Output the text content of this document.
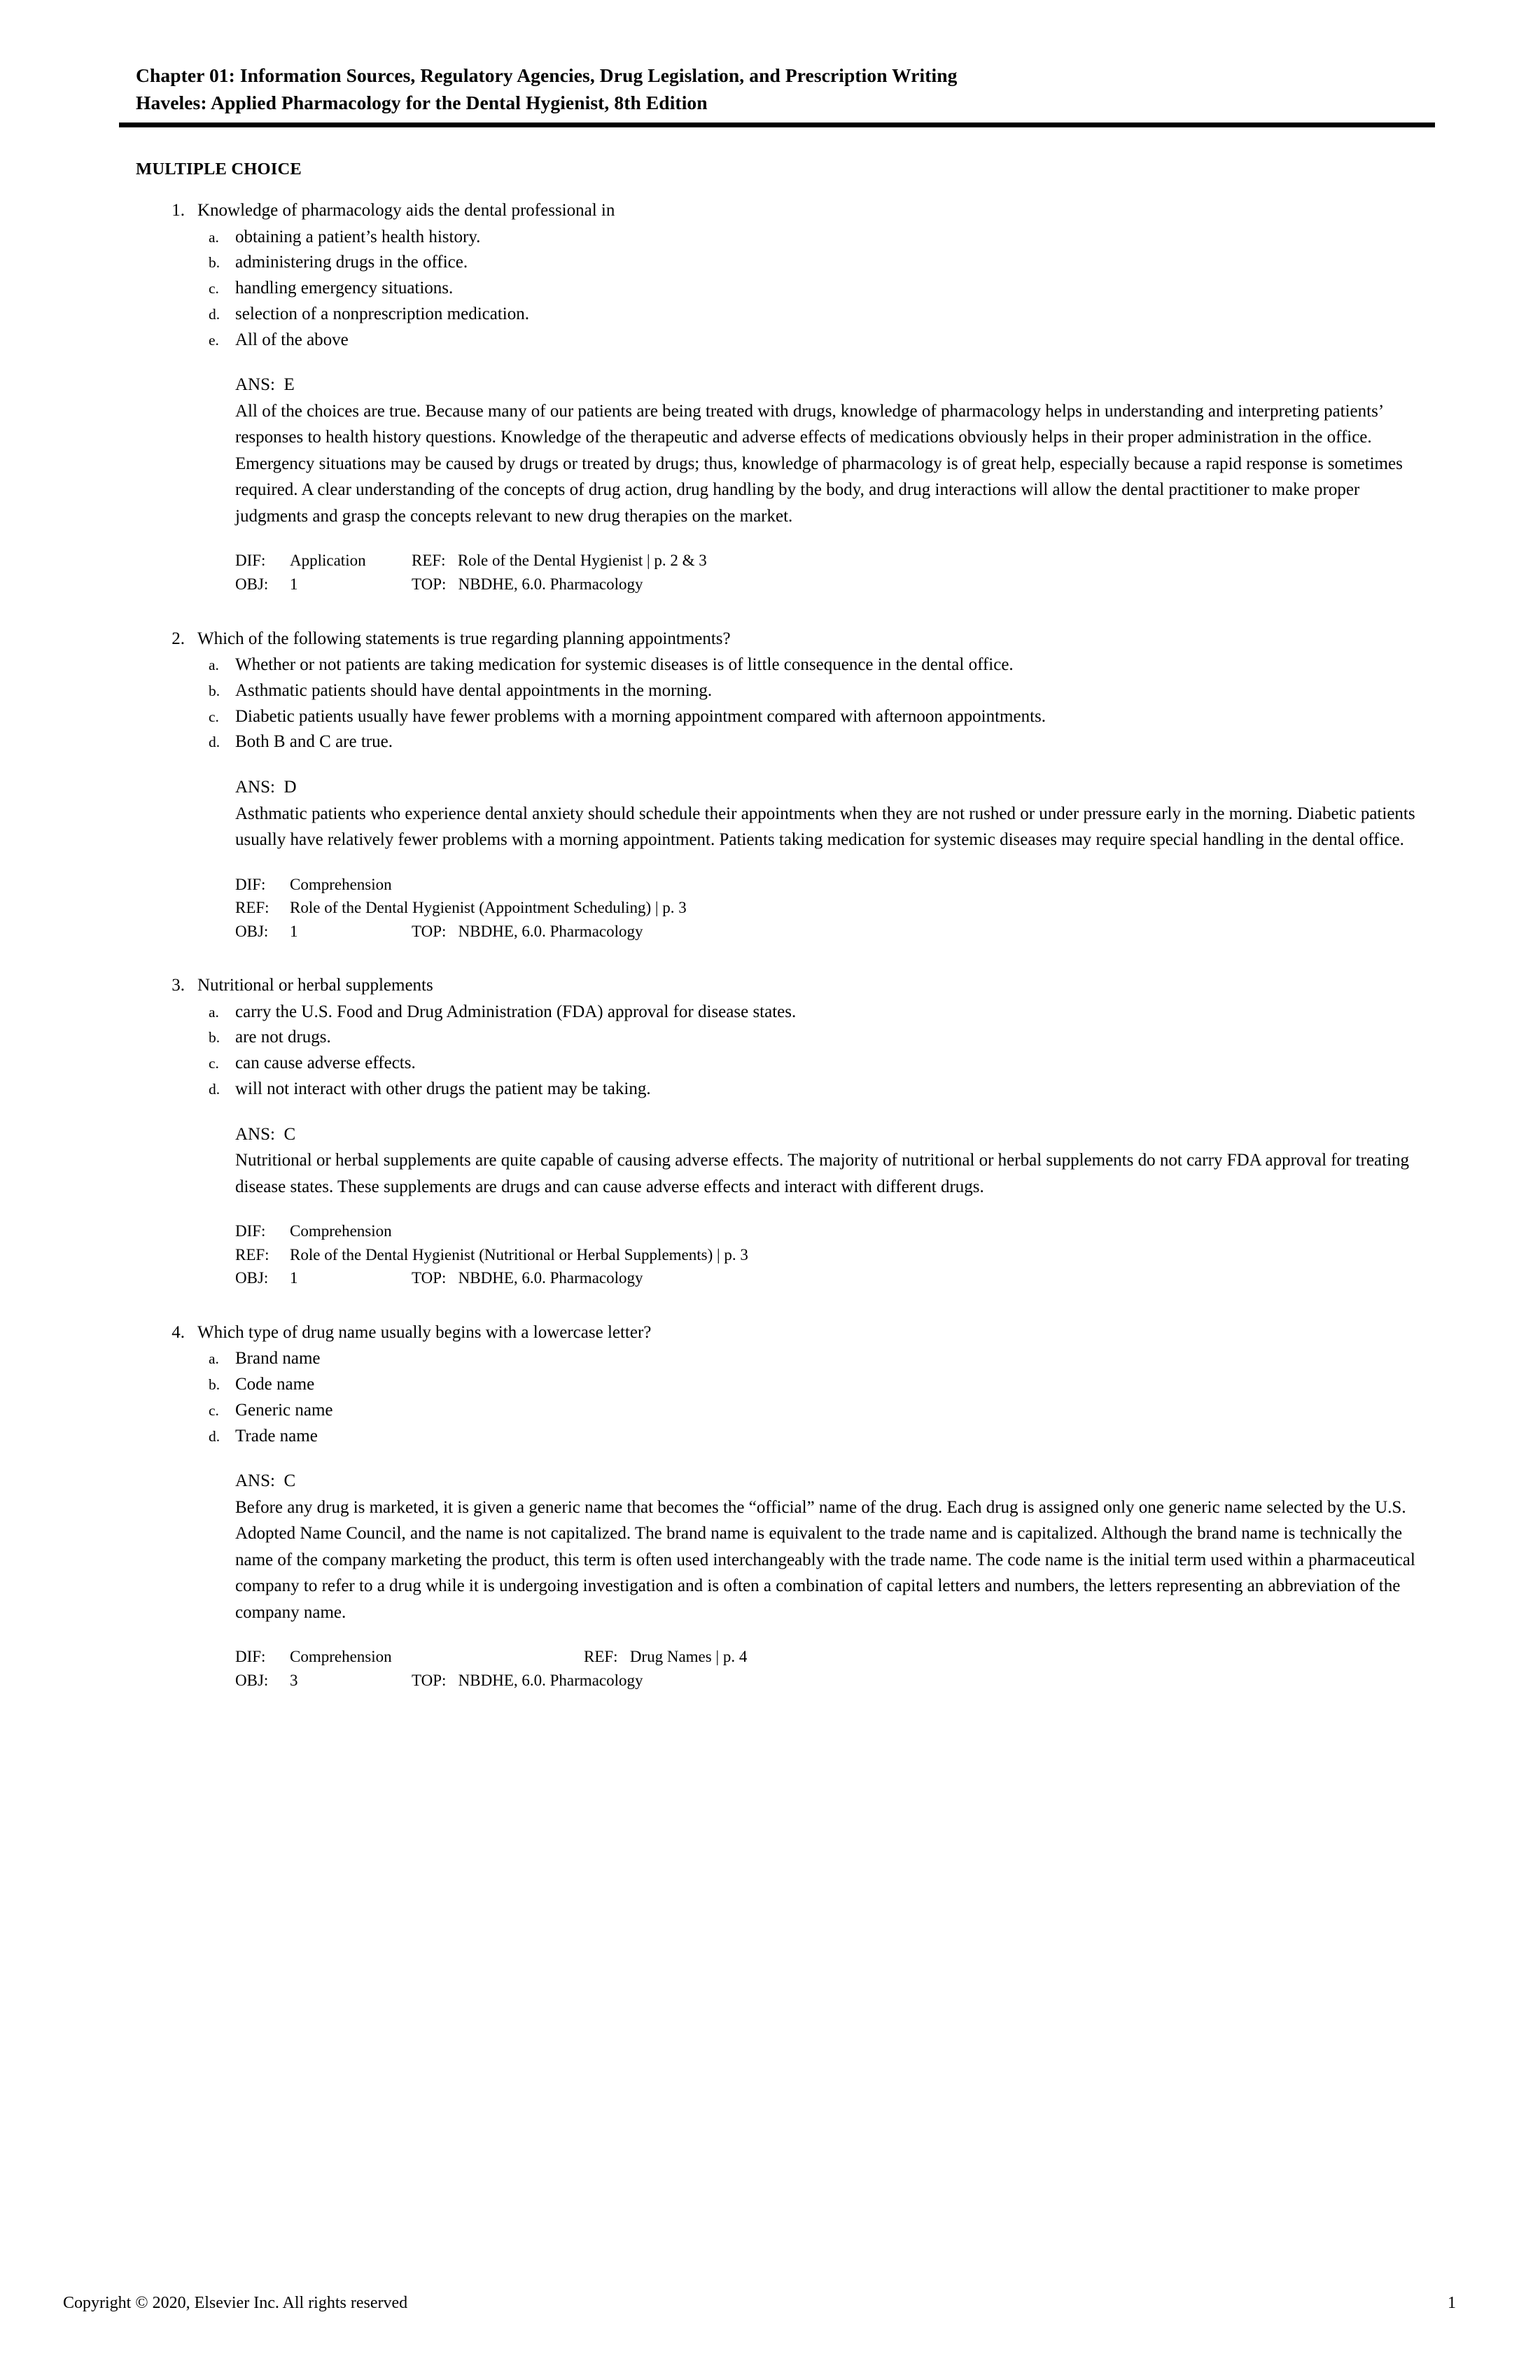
Chapter 01: Information Sources, Regulatory Agencies, Drug Legislation, and Prescription Writing
Haveles: Applied Pharmacology for the Dental Hygienist, 8th Edition
MULTIPLE CHOICE
1. Knowledge of pharmacology aids the dental professional in
a. obtaining a patient’s health history.
b. administering drugs in the office.
c. handling emergency situations.
d. selection of a nonprescription medication.
e. All of the above
ANS:  E
All of the choices are true. Because many of our patients are being treated with drugs, knowledge of pharmacology helps in understanding and interpreting patients’ responses to health history questions. Knowledge of the therapeutic and adverse effects of medications obviously helps in their proper administration in the office. Emergency situations may be caused by drugs or treated by drugs; thus, knowledge of pharmacology is of great help, especially because a rapid response is sometimes required. A clear understanding of the concepts of drug action, drug handling by the body, and drug interactions will allow the dental practitioner to make proper judgments and grasp the concepts relevant to new drug therapies on the market.
DIF:	Application	REF:   Role of the Dental Hygienist | p. 2 & 3
OBJ:	1	TOP:   NBDHE, 6.0. Pharmacology
2. Which of the following statements is true regarding planning appointments?
a. Whether or not patients are taking medication for systemic diseases is of little consequence in the dental office.
b. Asthmatic patients should have dental appointments in the morning.
c. Diabetic patients usually have fewer problems with a morning appointment compared with afternoon appointments.
d. Both B and C are true.
ANS:  D
Asthmatic patients who experience dental anxiety should schedule their appointments when they are not rushed or under pressure early in the morning. Diabetic patients usually have relatively fewer problems with a morning appointment. Patients taking medication for systemic diseases may require special handling in the dental office.
DIF:	Comprehension
REF:	Role of the Dental Hygienist (Appointment Scheduling) | p. 3
OBJ:	1	TOP:   NBDHE, 6.0. Pharmacology
3. Nutritional or herbal supplements
a. carry the U.S. Food and Drug Administration (FDA) approval for disease states.
b. are not drugs.
c. can cause adverse effects.
d. will not interact with other drugs the patient may be taking.
ANS:  C
Nutritional or herbal supplements are quite capable of causing adverse effects. The majority of nutritional or herbal supplements do not carry FDA approval for treating disease states. These supplements are drugs and can cause adverse effects and interact with different drugs.
DIF:	Comprehension
REF:	Role of the Dental Hygienist (Nutritional or Herbal Supplements) | p. 3
OBJ:	1	TOP:   NBDHE, 6.0. Pharmacology
4. Which type of drug name usually begins with a lowercase letter?
a. Brand name
b. Code name
c. Generic name
d. Trade name
ANS:  C
Before any drug is marketed, it is given a generic name that becomes the “official” name of the drug. Each drug is assigned only one generic name selected by the U.S. Adopted Name Council, and the name is not capitalized. The brand name is equivalent to the trade name and is capitalized. Although the brand name is technically the name of the company marketing the product, this term is often used interchangeably with the trade name. The code name is the initial term used within a pharmaceutical company to refer to a drug while it is undergoing investigation and is often a combination of capital letters and numbers, the letters representing an abbreviation of the company name.
DIF:	Comprehension	REF:   Drug Names | p. 4
OBJ:	3	TOP:   NBDHE, 6.0. Pharmacology
Copyright © 2020, Elsevier Inc. All rights reserved	1
